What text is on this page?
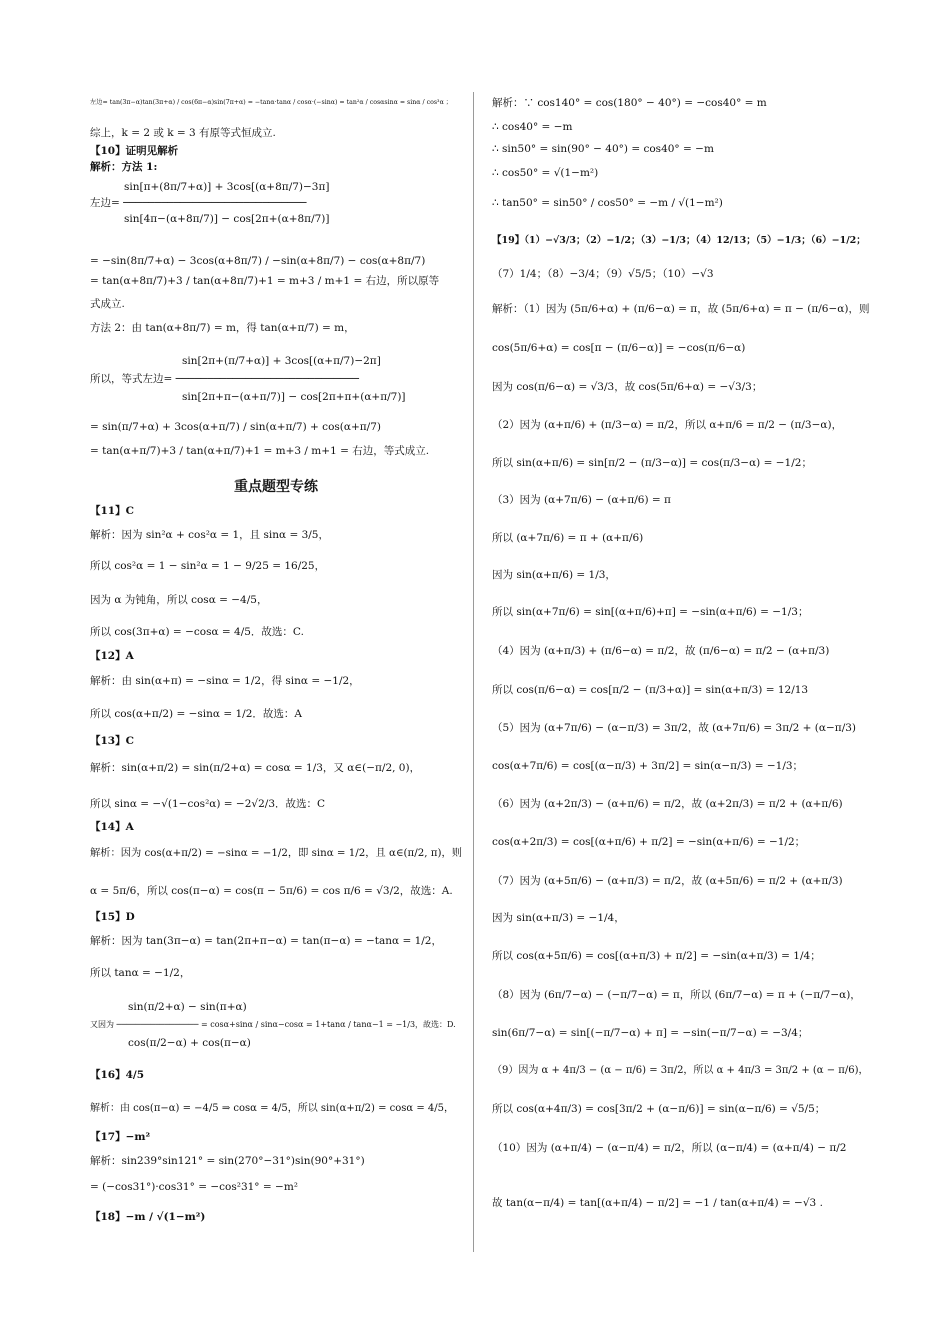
左边= tan(3π−α)tan(3π+α) / cos(6π−α)sin(7π+α) = −tanα·tanα / cosα·(−sinα) = tan²α / cosαsinα = sinα / cos³α ；
综上，k = 2 或 k = 3 有原等式恒成立.
【10】证明见解析
解析：方法 1:
sin[π+(8π/7+α)] + 3cos[(α+8π/7)−3π]
左边= ─────────────────────────────
sin[4π−(α+8π/7)] − cos[2π+(α+8π/7)]
= −sin(8π/7+α) − 3cos(α+8π/7) / −sin(α+8π/7) − cos(α+8π/7)
= tan(α+8π/7)+3 / tan(α+8π/7)+1 = m+3 / m+1 = 右边，所以原等
式成立.
方法 2：由 tan(α+8π/7) = m，得 tan(α+π/7) = m，
sin[2π+(π/7+α)] + 3cos[(α+π/7)−2π]
所以，等式左边= ─────────────────────────────
sin[2π+π−(α+π/7)] − cos[2π+π+(α+π/7)]
= sin(π/7+α) + 3cos(α+π/7) / sin(α+π/7) + cos(α+π/7)
= tan(α+π/7)+3 / tan(α+π/7)+1 = m+3 / m+1 = 右边，等式成立.
重点题型专练
【11】C
解析：因为 sin²α + cos²α = 1，且 sinα = 3/5，
所以 cos²α = 1 − sin²α = 1 − 9/25 = 16/25，
因为 α 为钝角，所以 cosα = −4/5，
所以 cos(3π+α) = −cosα = 4/5．故选：C.
【12】A
解析：由 sin(α+π) = −sinα = 1/2，得 sinα = −1/2，
所以 cos(α+π/2) = −sinα = 1/2．故选：A
【13】C
解析：sin(α+π/2) = sin(π/2+α) = cosα = 1/3，又 α∈(−π/2, 0)，
所以 sinα = −√(1−cos²α) = −2√2/3．故选：C
【14】A
解析：因为 cos(α+π/2) = −sinα = −1/2，即 sinα = 1/2，且 α∈(π/2, π)，则
α = 5π/6，所以 cos(π−α) = cos(π − 5π/6) = cos π/6 = √3/2，故选：A.
【15】D
解析：因为 tan(3π−α) = tan(2π+π−α) = tan(π−α) = −tanα = 1/2，
所以 tanα = −1/2，
sin(π/2+α) − sin(π+α)
又因为 ───────────────── = cosα+sinα / sinα−cosα = 1+tanα / tanα−1 = −1/3，故选：D.
cos(π/2−α) + cos(π−α)
【16】4/5
解析：由 cos(π−α) = −4/5 ⇒ cosα = 4/5，所以 sin(α+π/2) = cosα = 4/5，
【17】−m²
解析：sin239°sin121° = sin(270°−31°)sin(90°+31°)
= (−cos31°)·cos31° = −cos²31° = −m²
【18】−m / √(1−m²)
解析：∵ cos140° = cos(180° − 40°) = −cos40° = m
∴ cos40° = −m
∴ sin50° = sin(90° − 40°) = cos40° = −m
∴ cos50° = √(1−m²)
∴ tan50° = sin50° / cos50° = −m / √(1−m²)
【19】（1）−√3/3；（2）−1/2；（3）−1/3；（4）12/13；（5）−1/3；（6）−1/2；
（7）1/4；（8）−3/4；（9）√5/5；（10）−√3
解析：（1）因为 (5π/6+α) + (π/6−α) = π，故 (5π/6+α) = π − (π/6−α)，则
cos(5π/6+α) = cos[π − (π/6−α)] = −cos(π/6−α)
因为 cos(π/6−α) = √3/3，故 cos(5π/6+α) = −√3/3；
（2）因为 (α+π/6) + (π/3−α) = π/2，所以 α+π/6 = π/2 − (π/3−α)，
所以 sin(α+π/6) = sin[π/2 − (π/3−α)] = cos(π/3−α) = −1/2；
（3）因为 (α+7π/6) − (α+π/6) = π
所以 (α+7π/6) = π + (α+π/6)
因为 sin(α+π/6) = 1/3，
所以 sin(α+7π/6) = sin[(α+π/6)+π] = −sin(α+π/6) = −1/3；
（4）因为 (α+π/3) + (π/6−α) = π/2，故 (π/6−α) = π/2 − (α+π/3)
所以 cos(π/6−α) = cos[π/2 − (π/3+α)] = sin(α+π/3) = 12/13
（5）因为 (α+7π/6) − (α−π/3) = 3π/2，故 (α+7π/6) = 3π/2 + (α−π/3)
cos(α+7π/6) = cos[(α−π/3) + 3π/2] = sin(α−π/3) = −1/3；
（6）因为 (α+2π/3) − (α+π/6) = π/2，故 (α+2π/3) = π/2 + (α+π/6)
cos(α+2π/3) = cos[(α+π/6) + π/2] = −sin(α+π/6) = −1/2；
（7）因为 (α+5π/6) − (α+π/3) = π/2，故 (α+5π/6) = π/2 + (α+π/3)
因为 sin(α+π/3) = −1/4，
所以 cos(α+5π/6) = cos[(α+π/3) + π/2] = −sin(α+π/3) = 1/4；
（8）因为 (6π/7−α) − (−π/7−α) = π，所以 (6π/7−α) = π + (−π/7−α)，
sin(6π/7−α) = sin[(−π/7−α) + π] = −sin(−π/7−α) = −3/4；
（9）因为 α + 4π/3 − (α − π/6) = 3π/2，所以 α + 4π/3 = 3π/2 + (α − π/6)，
所以 cos(α+4π/3) = cos[3π/2 + (α−π/6)] = sin(α−π/6) = √5/5；
（10）因为 (α+π/4) − (α−π/4) = π/2，所以 (α−π/4) = (α+π/4) − π/2
故 tan(α−π/4) = tan[(α+π/4) − π/2] = −1 / tan(α+π/4) = −√3 .
